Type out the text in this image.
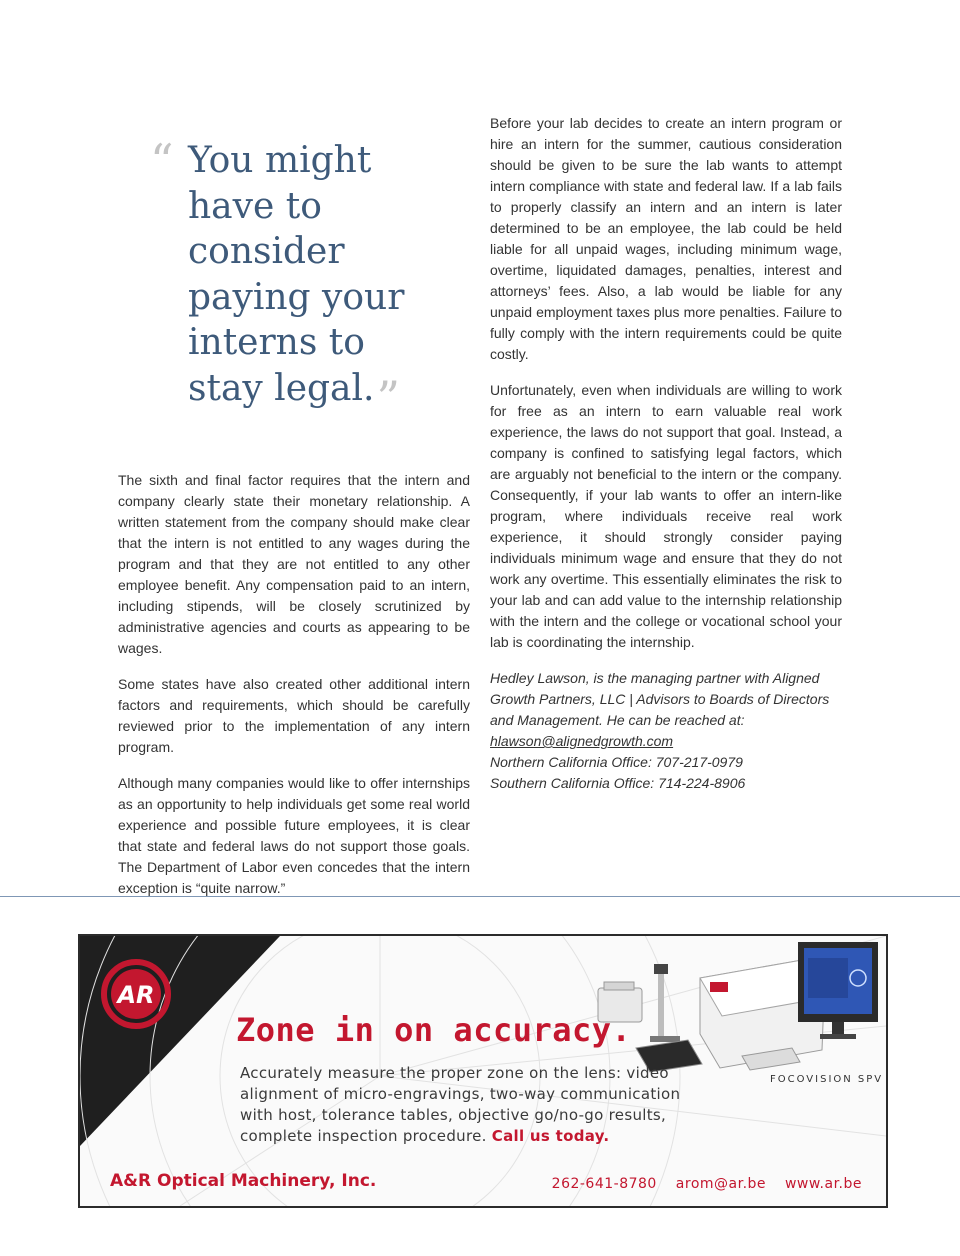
“ You might
have to
consider
paying your
interns to
stay legal.”

The sixth and final factor requires that the intern and company clearly state their monetary relationship. A written statement from the company should make clear that the intern is not entitled to any wages during the program and that they are not entitled to any other employee benefit. Any compensation paid to an intern, including stipends, will be closely scrutinized by administrative agencies and courts as appearing to be wages.

Some states have also created other additional intern factors and requirements, which should be carefully reviewed prior to the implementation of any intern program.

Although many companies would like to offer internships as an opportunity to help individuals get some real world experience and possible future employees, it is clear that state and federal laws do not support those goals. The Department of Labor even concedes that the intern exception is “quite narrow.”

Before your lab decides to create an intern program or hire an intern for the summer, cautious consideration should be given to be sure the lab wants to attempt intern compliance with state and federal law. If a lab fails to properly classify an intern and an intern is later determined to be an employee, the lab could be held liable for all unpaid wages, including minimum wage, overtime, liquidated damages, penalties, interest and attorneys’ fees. Also, a lab would be liable for any unpaid employment taxes plus more penalties. Failure to fully comply with the intern requirements could be quite costly.

Unfortunately, even when individuals are willing to work for free as an intern to earn valuable real work experience, the laws do not support that goal. Instead, a company is confined to satisfying legal factors, which are arguably not beneficial to the intern or the company. Consequently, if your lab wants to offer an intern-like program, where individuals receive real work experience, it should strongly consider paying individuals minimum wage and ensure that they do not work any overtime. This essentially eliminates the risk to your lab and can add value to the internship relationship with the intern and the college or vocational school your lab is coordinating the internship.

Hedley Lawson, is the managing partner with Aligned Growth Partners, LLC | Advisors to Boards of Directors and Management. He can be reached at: hlawson@alignedgrowth.com
Northern California Office: 707-217-0979
Southern California Office: 714-224-8906
AR
Zone in on accuracy.
Accurately measure the proper zone on the lens: video alignment of micro-engravings, two-way communication with host, tolerance tables, objective go/no-go results, complete inspection procedure. Call us today.
FOCOVISION SPV
A&R Optical Machinery, Inc.	262-641-8780 arom@ar.be www.ar.be
